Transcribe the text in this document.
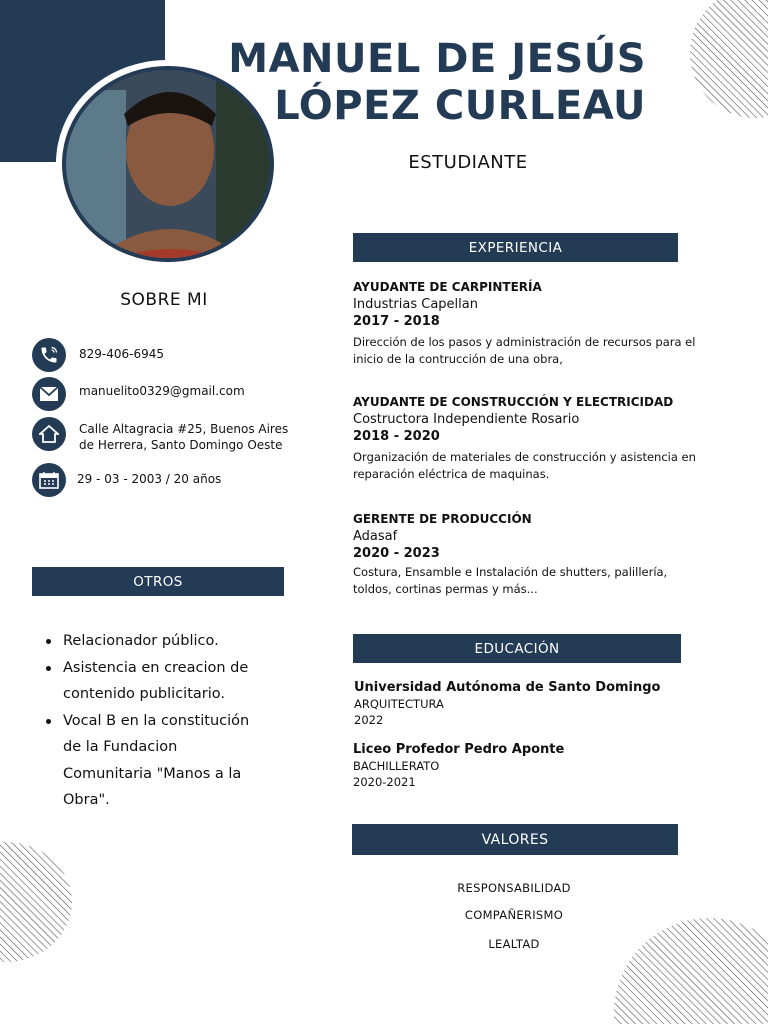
MANUEL DE JESÚS
LÓPEZ CURLEAU
ESTUDIANTE
SOBRE MI
829-406-6945
manuelito0329@gmail.com
Calle Altagracia #25, Buenos Aires
de Herrera, Santo Domingo Oeste
29 - 03 - 2003 / 20 años
OTROS
Relacionador público.
Asistencia en creacion de
contenido publicitario.
Vocal B en la constitución
de la Fundacion
Comunitaria "Manos a la
Obra".
EXPERIENCIA
AYUDANTE DE CARPINTERÍA
Industrias Capellan
2017 - 2018
Dirección de los pasos y administración de recursos para el
inicio de la contrucción de una obra,
AYUDANTE DE CONSTRUCCIÓN Y ELECTRICIDAD
Costructora Independiente Rosario
2018 - 2020
Organización de materiales de construcción y asistencia en
reparación eléctrica de maquinas.
GERENTE DE PRODUCCIÓN
Adasaf
2020 - 2023
Costura, Ensamble e Instalación de shutters, palillería,
toldos, cortinas permas y más...
EDUCACIÓN
Universidad Autónoma de Santo Domingo
ARQUITECTURA
2022
Liceo Profedor Pedro Aponte
BACHILLERATO
2020-2021
VALORES
RESPONSABILIDAD
COMPAÑERISMO
LEALTAD
